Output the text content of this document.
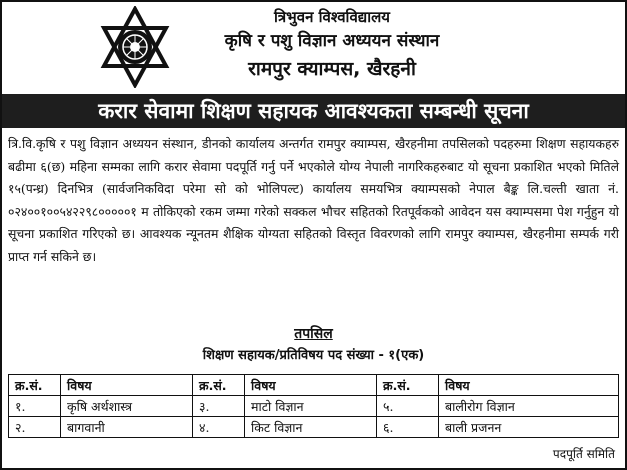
त्रिभुवन विश्वविद्यालय
कृषि र पशु विज्ञान अध्ययन संस्थान
रामपुर क्याम्पस, खैरहनी
करार सेवामा शिक्षण सहायक आवश्यकता सम्बन्धी सूचना

त्रि.वि.कृषि र पशु विज्ञान अध्ययन संस्थान, डीनको कार्यालय अन्तर्गत रामपुर क्याम्पस, खैरहनीमा तपसिलको पदहरुमा शिक्षण सहायकहरु बढीमा ६(छ) महिना सम्मका लागि करार सेवामा पदपूर्ति गर्नु पर्ने भएकोले योग्य नेपाली नागरिकहरुबाट यो सूचना प्रकाशित भएको मितिले १५(पन्ध्र) दिनभित्र (सार्वजनिकविदा परेमा सो को भोलिपल्ट) कार्यालय समयभित्र क्याम्पसको नेपाल बैङ्क लि.चल्ती खाता नं. ०२४००१००५४२२९८०००००१ म तोकिएको रकम जम्मा गरेको सक्कल भौचर सहितको रितपूर्वकको आवेदन यस क्याम्पसमा पेश गर्नुहुन यो सूचना प्रकाशित गरिएको छ। आवश्यक न्यूनतम शैक्षिक योग्यता सहितको विस्तृत विवरणको लागि रामपुर क्याम्पस, खैरहनीमा सम्पर्क गरी प्राप्त गर्न सकिने छ।

तपसिल
शिक्षण सहायक/प्रतिविषय पद संख्या - १(एक)
क्र.सं.	विषय	क्र.सं.	विषय	क्र.सं.	विषय
१.	कृषि अर्थशास्त्र	३.	माटो विज्ञान	५.	बालीरोग विज्ञान
२.	बागवानी	४.	किट विज्ञान	६.	बाली प्रजनन
पदपूर्ति समिति
